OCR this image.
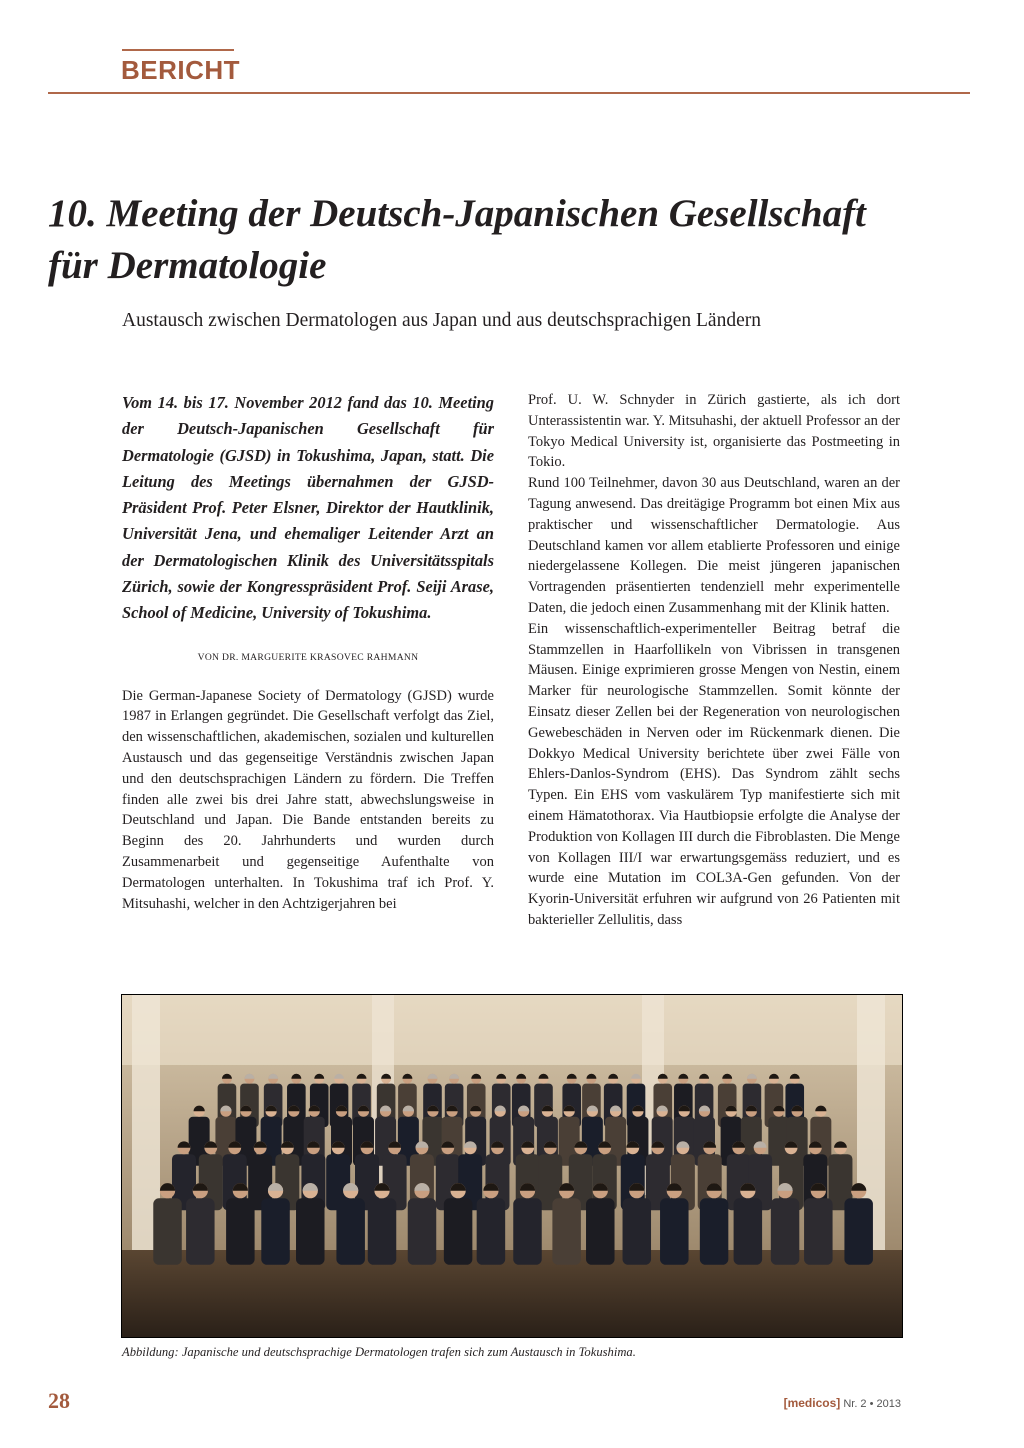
BERICHT
10. Meeting der Deutsch-Japanischen Gesellschaft
für Dermatologie

Austausch zwischen Dermatologen aus Japan und aus deutschsprachigen Ländern

Vom 14. bis 17. November 2012 fand das 10. Meeting der Deutsch-Japanischen Gesellschaft für Dermatologie (GJSD) in Tokushima, Japan, statt. Die Leitung des Meetings übernahmen der GJSD-Präsident Prof. Peter Elsner, Direktor der Hautklinik, Universität Jena, und ehemaliger Leitender Arzt an der Dermatologischen Klinik des Universitätsspitals Zürich, sowie der Kongresspräsident Prof. Seiji Arase, School of Medicine, University of Tokushima.

VON DR. MARGUERITE KRASOVEC RAHMANN

Die German-Japanese Society of Dermatology (GJSD) wurde 1987 in Erlangen gegründet. Die Gesellschaft verfolgt das Ziel, den wissenschaftlichen, akademischen, sozialen und kulturellen Austausch und das gegenseitige Verständnis zwischen Japan und den deutschsprachigen Ländern zu fördern. Die Treffen finden alle zwei bis drei Jahre statt, abwechslungsweise in Deutschland und Japan. Die Bande entstanden bereits zu Beginn des 20. Jahrhunderts und wurden durch Zusammenarbeit und gegenseitige Aufenthalte von Dermatologen unterhalten. In Tokushima traf ich Prof. Y. Mitsuhashi, welcher in den Achtzigerjahren bei

Prof. U. W. Schnyder in Zürich gastierte, als ich dort Unterassistentin war. Y. Mitsuhashi, der aktuell Professor an der Tokyo Medical University ist, organisierte das Postmeeting in Tokio.

Rund 100 Teilnehmer, davon 30 aus Deutschland, waren an der Tagung anwesend. Das dreitägige Programm bot einen Mix aus praktischer und wissenschaftlicher Dermatologie. Aus Deutschland kamen vor allem etablierte Professoren und einige niedergelassene Kollegen. Die meist jüngeren japanischen Vortragenden präsentierten tendenziell mehr experimentelle Daten, die jedoch einen Zusammenhang mit der Klinik hatten.

Ein wissenschaftlich-experimenteller Beitrag betraf die Stammzellen in Haarfollikeln von Vibrissen in transgenen Mäusen. Einige exprimieren grosse Mengen von Nestin, einem Marker für neurologische Stammzellen. Somit könnte der Einsatz dieser Zellen bei der Regeneration von neurologischen Gewebeschäden in Nerven oder im Rückenmark dienen. Die Dokkyo Medical University berichtete über zwei Fälle von Ehlers-Danlos-Syndrom (EHS). Das Syndrom zählt sechs Typen. Ein EHS vom vaskulärem Typ manifestierte sich mit einem Hämatothorax. Via Hautbiopsie erfolgte die Analyse der Produktion von Kollagen III durch die Fibroblasten. Die Menge von Kollagen III/I war erwartungsgemäss reduziert, und es wurde eine Mutation im COL3A-Gen gefunden. Von der Kyorin-Universität erfuhren wir aufgrund von 26 Patienten mit bakterieller Zellulitis, dass

Abbildung: Japanische und deutschsprachige Dermatologen trafen sich zum Austausch in Tokushima.

28	[medicos] Nr. 2 • 2013
